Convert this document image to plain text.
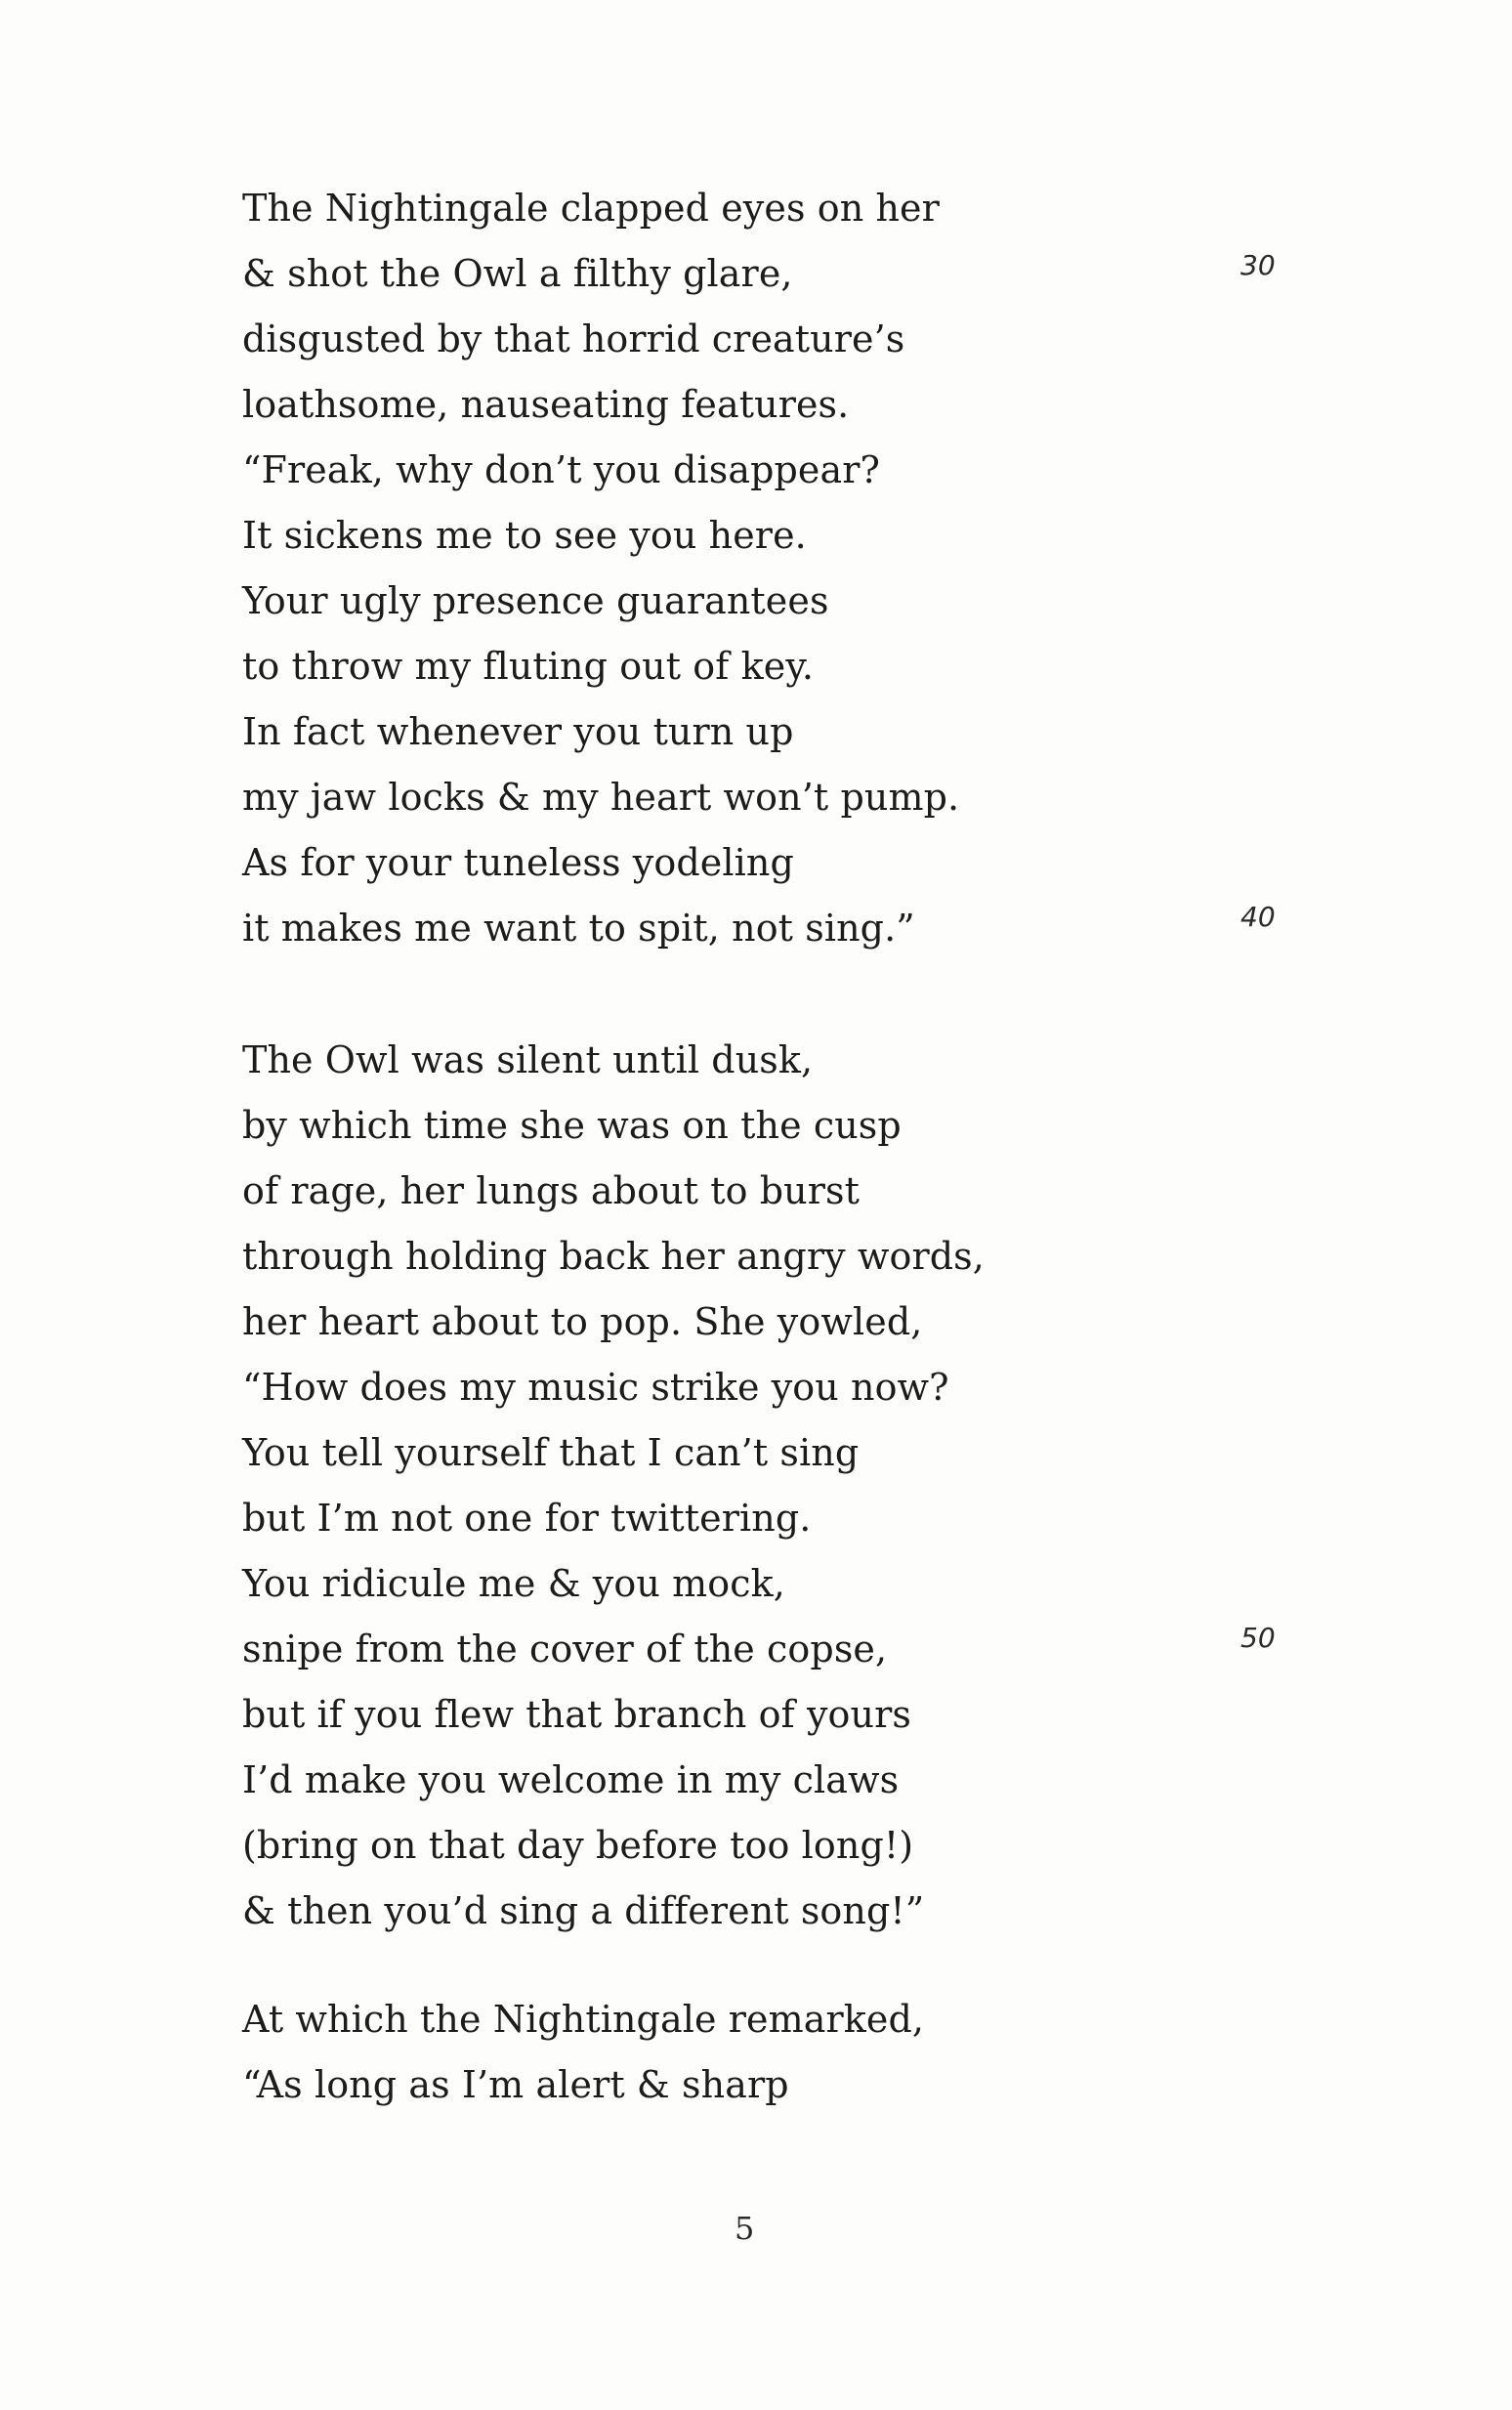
The Nightingale clapped eyes on her
& shot the Owl a filthy glare,
disgusted by that horrid creature’s
loathsome, nauseating features.
“Freak, why don’t you disappear?
It sickens me to see you here.
Your ugly presence guarantees
to throw my fluting out of key.
In fact whenever you turn up
my jaw locks & my heart won’t pump.
As for your tuneless yodeling
it makes me want to spit, not sing.”
The Owl was silent until dusk,
by which time she was on the cusp
of rage, her lungs about to burst
through holding back her angry words,
her heart about to pop. She yowled,
“How does my music strike you now?
You tell yourself that I can’t sing
but I’m not one for twittering.
You ridicule me & you mock,
snipe from the cover of the copse,
but if you flew that branch of yours
I’d make you welcome in my claws
(bring on that day before too long!)
& then you’d sing a different song!”
At which the Nightingale remarked,
“As long as I’m alert & sharp
30
40
50
5
